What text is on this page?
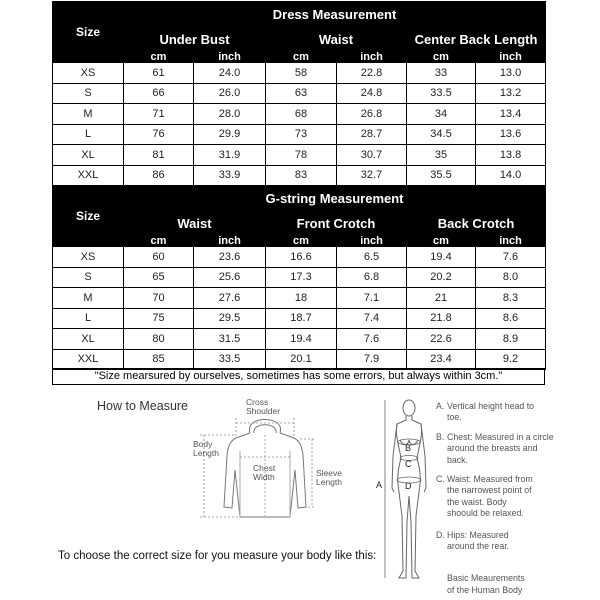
Size	Dress Measurement					
	Under Bust		Waist		Center Back Length	
	cm	inch	cm	inch	cm	inch
XS	61	24.0	58	22.8	33	13.0
S	66	26.0	63	24.8	33.5	13.2
M	71	28.0	68	26.8	34	13.4
L	76	29.9	73	28.7	34.5	13.6
XL	81	31.9	78	30.7	35	13.8
XXL	86	33.9	83	32.7	35.5	14.0
Size	G-string Measurement					
	Waist		Front Crotch		Back Crotch	
	cm	inch	cm	inch	cm	inch
XS	60	23.6	16.6	6.5	19.4	7.6
S	65	25.6	17.3	6.8	20.2	8.0
M	70	27.6	18	7.1	21	8.3
L	75	29.5	18.7	7.4	21.8	8.6
XL	80	31.5	19.4	7.6	22.6	8.9
XXL	85	33.5	20.1	7.9	23.4	9.2
"Size mearsured by ourselves, sometimes has some errors, but always within 3cm."
How to Measure	Cross
Shoulder
Body
Length
Chest
Width	Sleeve
Length
To choose the correct size for you measure your body like this:
A
B
C
D
A. Vertical height head to toe.
B. Chest: Measured in a circle around the breasts and back.
C. Waist: Measured from the narrowest point of the waist. Body shoould be relaxed.
D. Hips: Measured around the rear.
Basic Meaurements
of the Human Body
